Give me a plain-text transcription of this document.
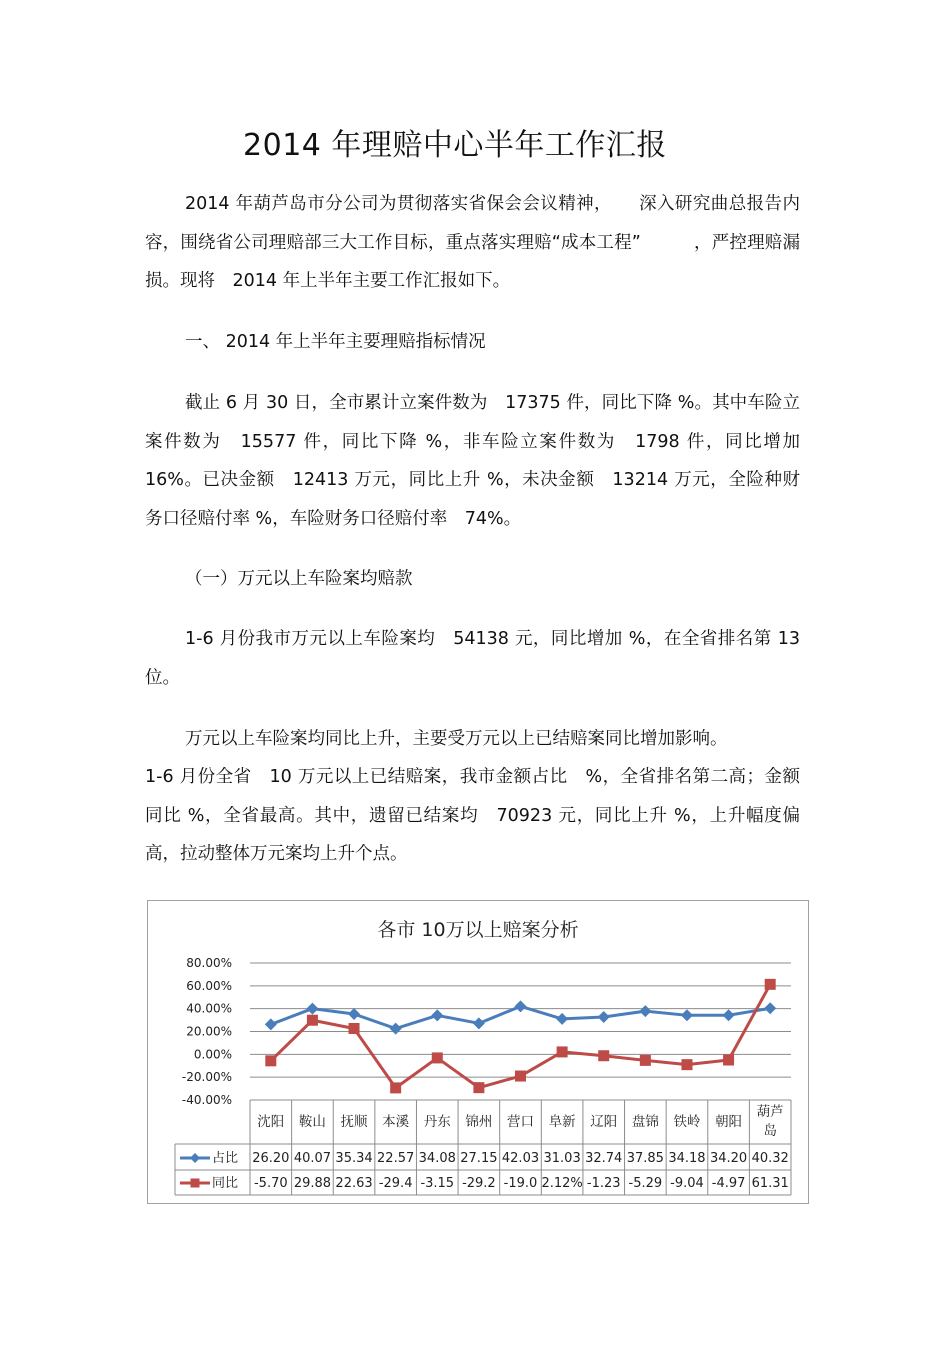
2014 年理赔中心半年工作汇报
2014 年葫芦岛市分公司为贯彻落实省保会会议精神，　　深入研究曲总报告内容，围绕省公司理赔部三大工作目标，重点落实理赔“成本工程”　　　，严控理赔漏损。现将　2014 年上半年主要工作汇报如下。
一、 2014 年上半年主要理赔指标情况
截止 6 月 30 日，全市累计立案件数为　17375 件，同比下降 %。其中车险立案件数为　15577 件，同比下降 %，非车险立案件数为　1798 件，同比增加 16%。已决金额　12413 万元，同比上升 %，未决金额　13214 万元，全险种财务口径赔付率 %，车险财务口径赔付率　74%。
（一）万元以上车险案均赔款
1-6 月份我市万元以上车险案均　54138 元，同比增加 %，在全省排名第 13 位。
万元以上车险案均同比上升，主要受万元以上已结赔案同比增加影响。
1-6 月份全省　10 万元以上已结赔案，我市金额占比　%，全省排名第二高；金额同比 %，全省最高。其中，遗留已结案均　70923 元，同比上升 %，上升幅度偏高，拉动整体万元案均上升个点。
各市 10万以上赔案分析
80.00%
60.00%
40.00%
20.00%
0.00%
-20.00%
-40.00%
沈阳 鞍山 抚顺 本溪 丹东 锦州 营口 阜新 辽阳 盘锦 铁岭 朝阳
葫芦
岛
占比 26.20 40.07 35.34 22.57 34.08 27.15 42.03 31.03 32.74 37.85 34.18 34.20 40.32
同比 -5.70 29.88 22.63 -29.4 -3.15 -29.2 -19.0 2.12% -1.23 -5.29 -9.04 -4.97 61.31
